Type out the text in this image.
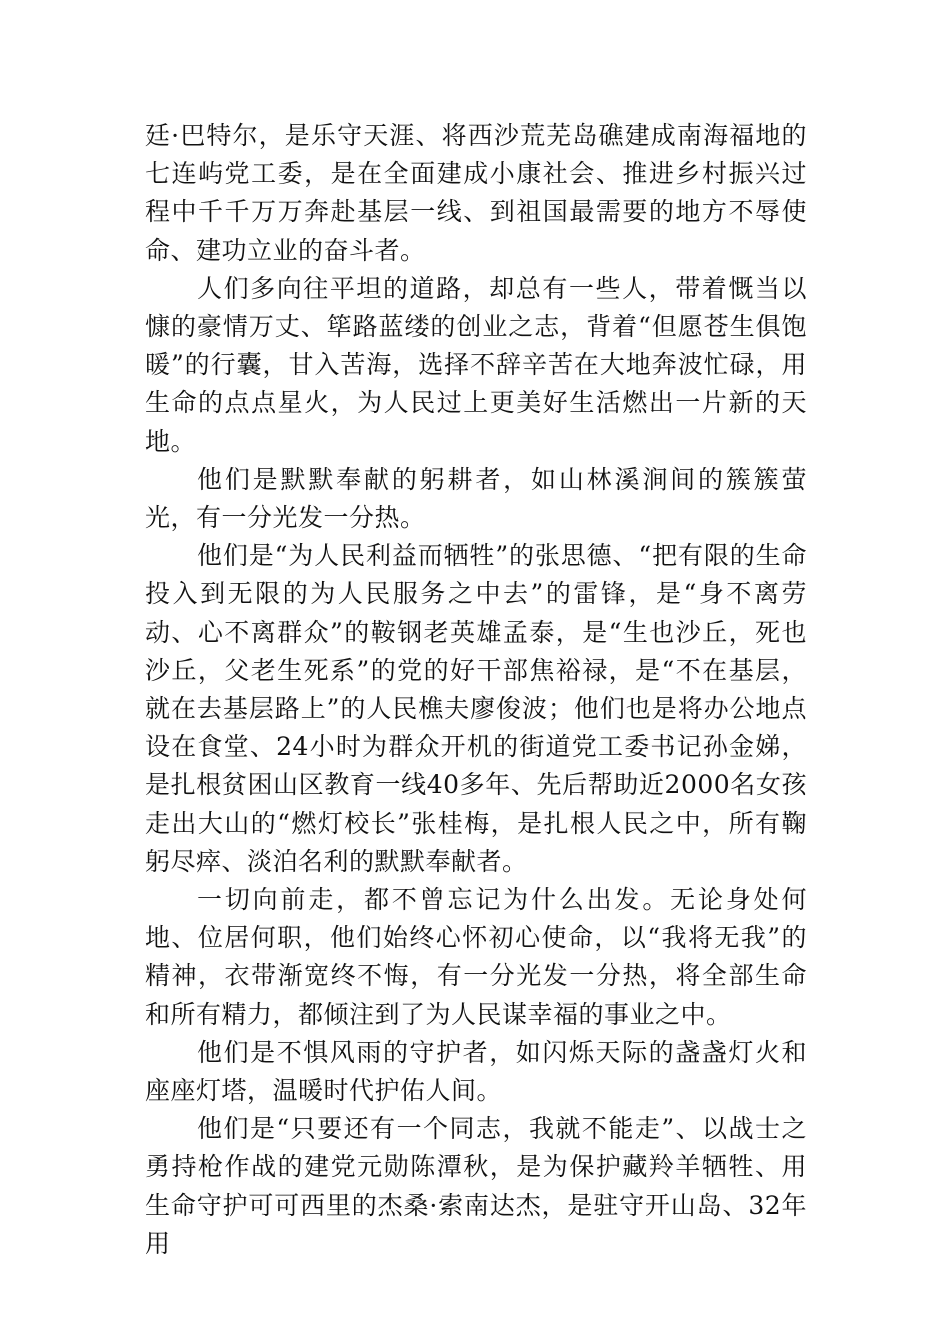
廷·巴特尔，是乐守天涯、将西沙荒芜岛礁建成南海福地的七连屿党工委，是在全面建成小康社会、推进乡村振兴过程中千千万万奔赴基层一线、到祖国最需要的地方不辱使命、建功立业的奋斗者。

人们多向往平坦的道路，却总有一些人，带着慨当以慷的豪情万丈、筚路蓝缕的创业之志，背着“但愿苍生俱饱暖”的行囊，甘入苦海，选择不辞辛苦在大地奔波忙碌，用生命的点点星火，为人民过上更美好生活燃出一片新的天地。

他们是默默奉献的躬耕者，如山林溪涧间的簇簇萤光，有一分光发一分热。

他们是“为人民利益而牺牲”的张思德、“把有限的生命投入到无限的为人民服务之中去”的雷锋，是“身不离劳动、心不离群众”的鞍钢老英雄孟泰，是“生也沙丘，死也沙丘，父老生死系”的党的好干部焦裕禄，是“不在基层，就在去基层路上”的人民樵夫廖俊波；他们也是将办公地点设在食堂、24小时为群众开机的街道党工委书记孙金娣，是扎根贫困山区教育一线40多年、先后帮助近2000名女孩走出大山的“燃灯校长”张桂梅，是扎根人民之中，所有鞠躬尽瘁、淡泊名利的默默奉献者。

一切向前走，都不曾忘记为什么出发。无论身处何地、位居何职，他们始终心怀初心使命，以“我将无我”的精神，衣带渐宽终不悔，有一分光发一分热，将全部生命和所有精力，都倾注到了为人民谋幸福的事业之中。

他们是不惧风雨的守护者，如闪烁天际的盏盏灯火和座座灯塔，温暖时代护佑人间。

他们是“只要还有一个同志，我就不能走”、以战士之勇持枪作战的建党元勋陈潭秋，是为保护藏羚羊牺牲、用生命守护可可西里的杰桑·索南达杰，是驻守开山岛、32年用
